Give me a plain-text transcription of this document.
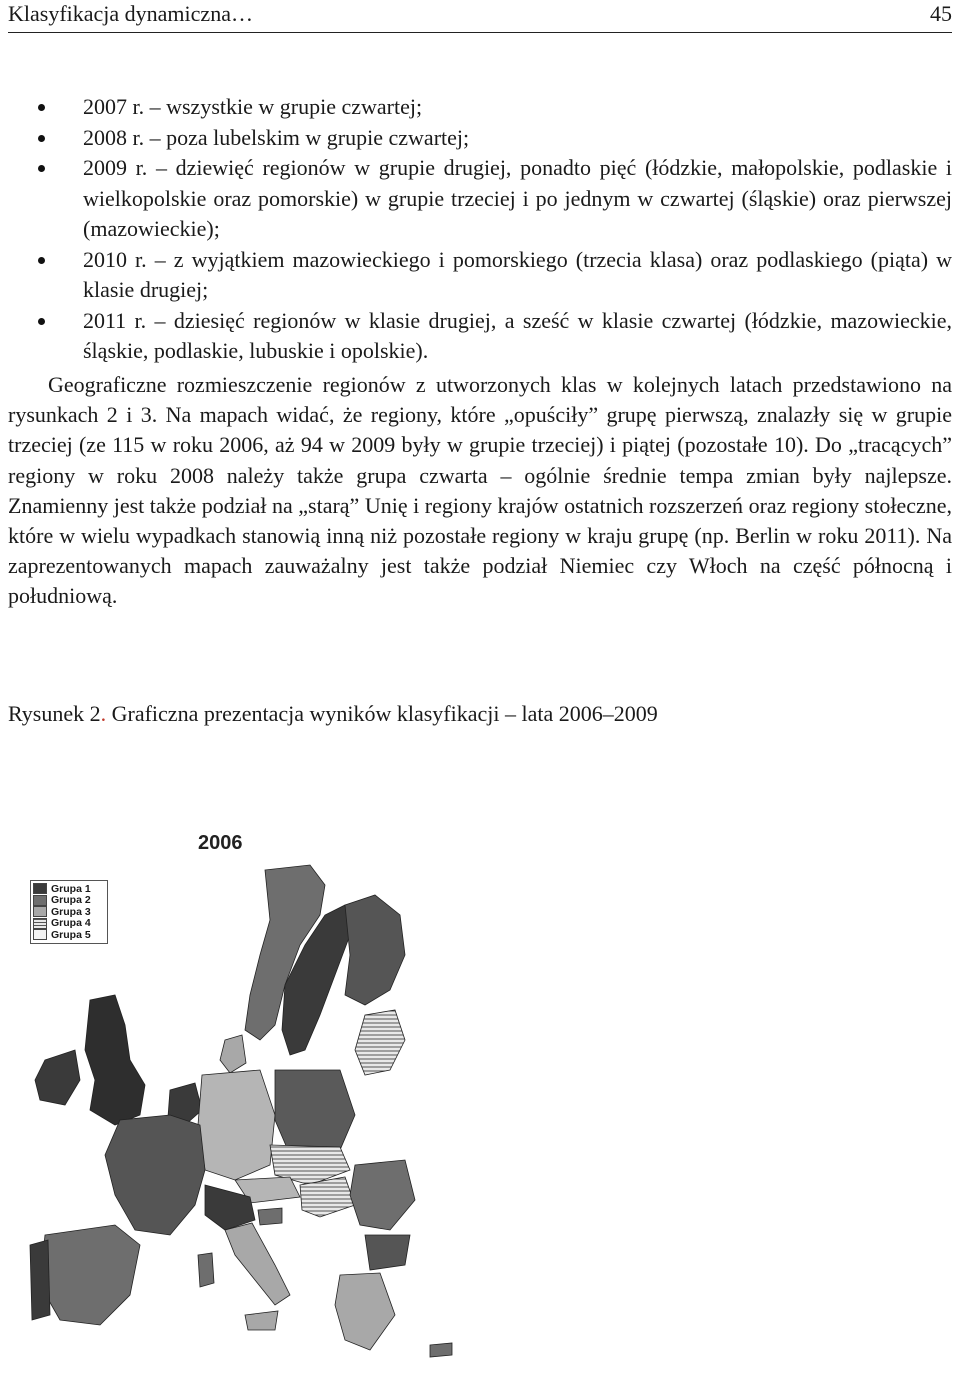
Klasyfikacja dynamiczna…	45
2007 r. – wszystkie w grupie czwartej;
2008 r. – poza lubelskim w grupie czwartej;
2009 r. – dziewięć regionów w grupie drugiej, ponadto pięć (łódzkie, małopolskie, podlaskie i wielkopolskie oraz pomorskie) w grupie trzeciej i po jednym w czwartej (śląskie) oraz pierwszej (mazowieckie);
2010 r. – z wyjątkiem mazowieckiego i pomorskiego (trzecia klasa) oraz podlaskiego (piąta) w klasie drugiej;
2011 r. – dziesięć regionów w klasie drugiej, a sześć w klasie czwartej (łódzkie, mazowieckie, śląskie, podlaskie, lubuskie i opolskie).

Geograficzne rozmieszczenie regionów z utworzonych klas w kolejnych latach przedstawiono na rysunkach 2 i 3. Na mapach widać, że regiony, które „opuściły” grupę pierwszą, znalazły się w grupie trzeciej (ze 115 w roku 2006, aż 94 w 2009 były w grupie trzeciej) i piątej (pozostałe 10). Do „tracących” regiony w roku 2008 należy także grupa czwarta – ogólnie średnie tempa zmian były najlepsze. Znamienny jest także podział na „starą” Unię i regiony krajów ostatnich rozszerzeń oraz regiony stołeczne, które w wielu wypadkach stanowią inną niż pozostałe regiony w kraju grupę (np. Berlin w roku 2011). Na zaprezentowanych mapach zauważalny jest także podział Niemiec czy Włoch na część północną i południową.

Rysunek 2. Graficzna prezentacja wyników klasyfikacji – lata 2006–2009

2006
Grupa 1
Grupa 2
Grupa 3
Grupa 4
Grupa 5
